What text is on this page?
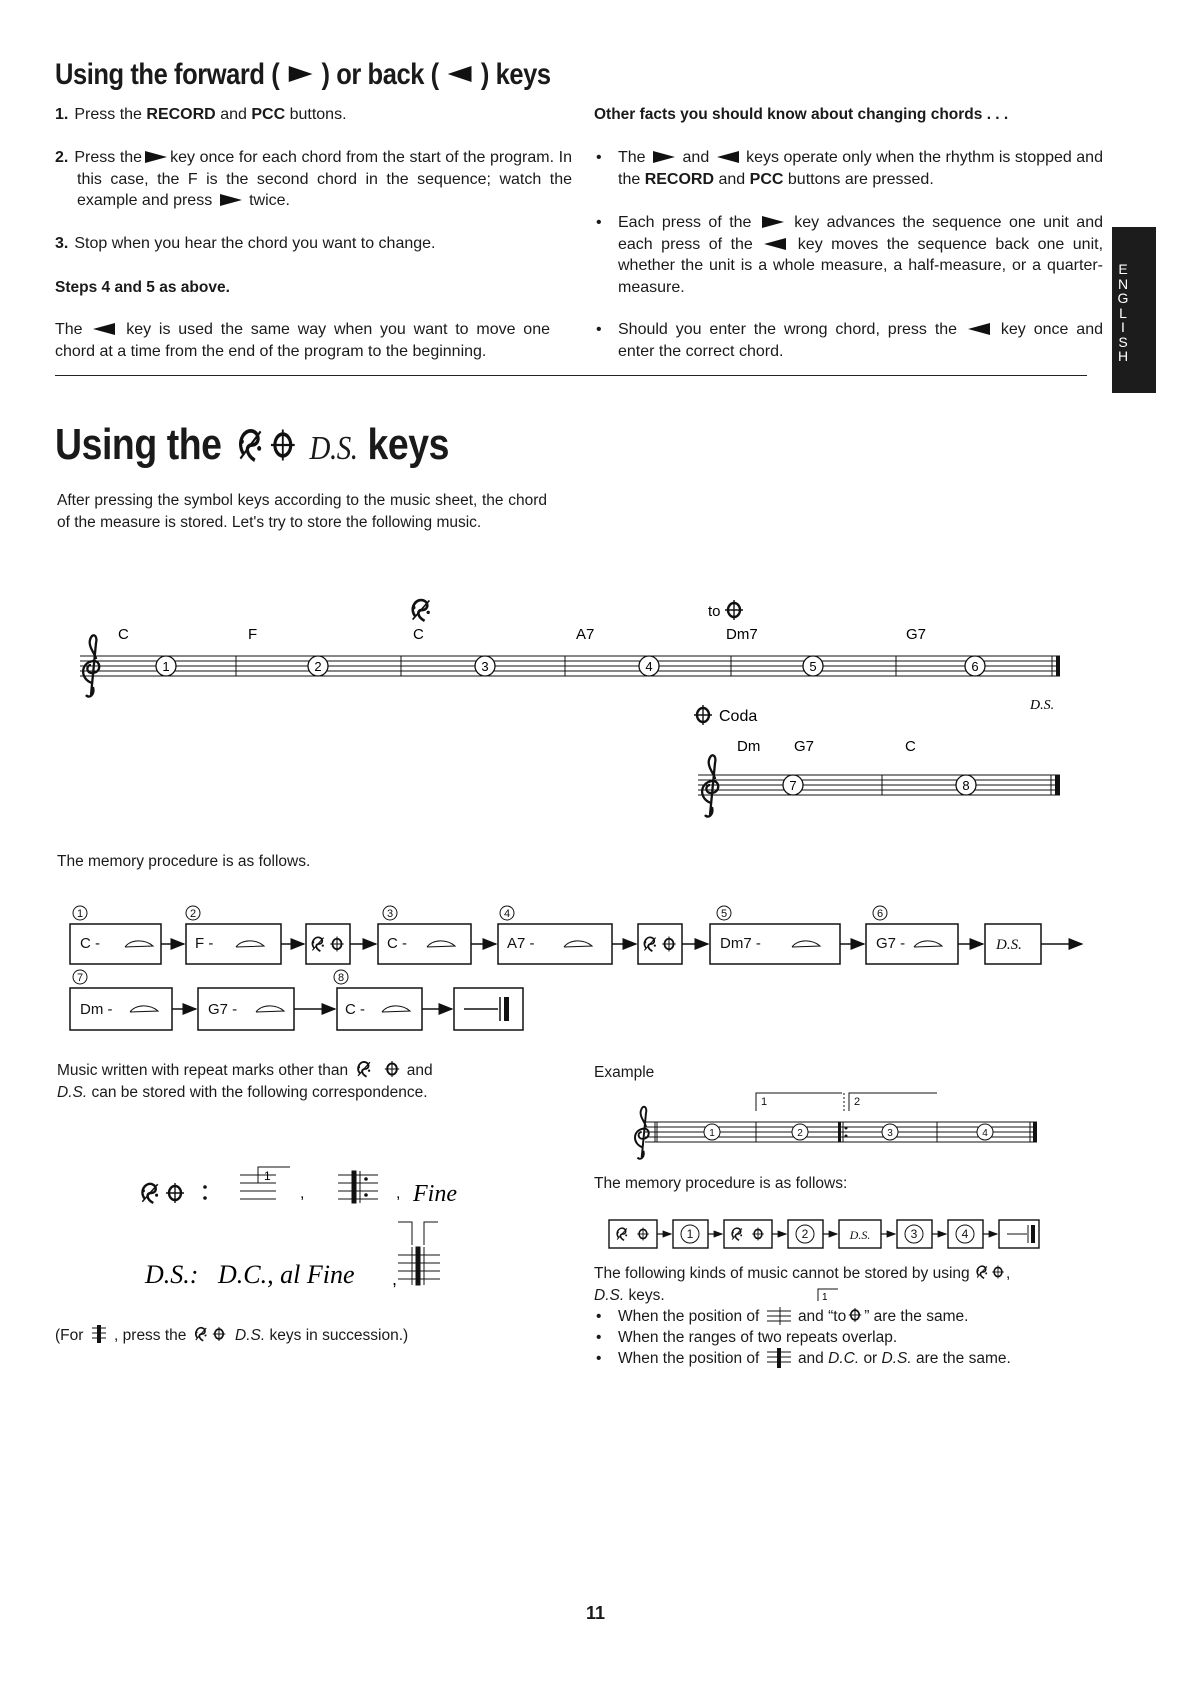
Using the forward ( ) or back ( ) keys
1. Press the RECORD and PCC buttons.
2. Press the key once for each chord from the start of the program. In this case, the F is the second chord in the sequence; watch the example and press twice.
3. Stop when you hear the chord you want to change.
Steps 4 and 5 as above.
The	key is used the same way when you want to move one chord at a time from the end of the program to the beginning.
Other facts you should know about changing chords . . .
• The and keys operate only when the rhythm is stopped and the RECORD and PCC buttons are pressed.
• Each press of the	key advances the sequence one unit and each press of the	key moves the sequence back one unit, whether the unit is a whole measure, a half-measure, or a quarter-measure.
• Should you enter the wrong chord, press the	key once and enter the correct chord.
E
N
G
L
I
S
H
Using the	D.S. keys
After pressing the symbol keys according to the music sheet, the chord of the measure is stored. Let's try to store the following music.
to
C	F	C	A7	Dm7	G7
1	2	3	4	5	6
D.S.
Coda
Dm G7	C
7	8
The memory procedure is as follows.
1	2	3	4	5	6
7	8
C -	F -	C -	A7 -	Dm7 -	G7 -	D.S.
Dm -	G7 -	C -
Music written with repeat marks other than	and
D.S. can be stored with the following correspondence.
1
,	, Fine
D.S.: D.C., al Fine ,
(For , press the	D.S. keys in succession.)
Example
1	2
1	2	3	4
The memory procedure is as follows:
1	2	D.S.	3	4
The following kinds of music cannot be stored by using ,
D.S. keys.	1
• When the position of and “to ” are the same.
• When the ranges of two repeats overlap.
• When the position of and D.C. or D.S. are the same.
11
